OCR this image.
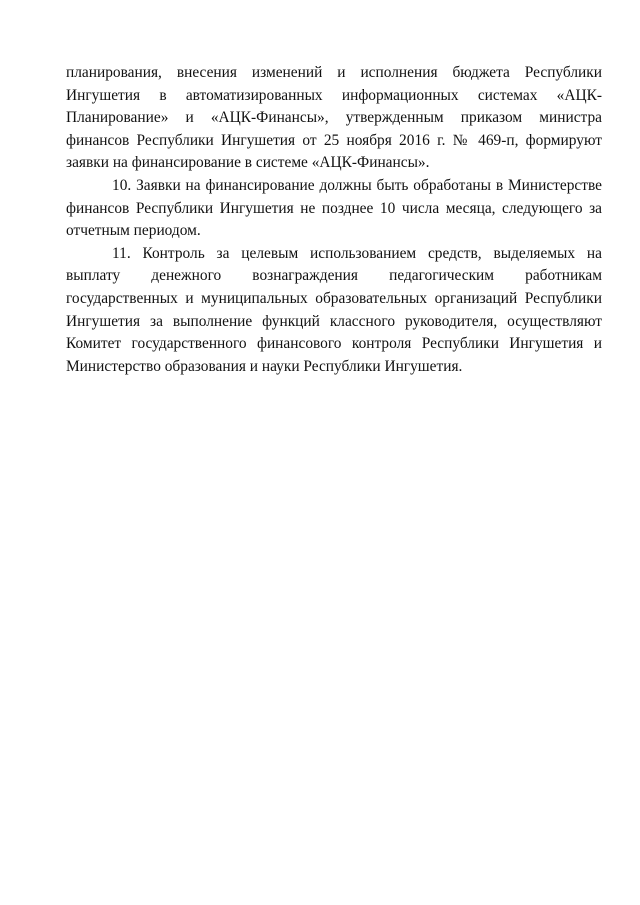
планирования, внесения изменений и исполнения бюджета Республики Ингушетия в автоматизированных информационных системах «АЦК-Планирование» и «АЦК-Финансы», утвержденным приказом министра финансов Республики Ингушетия от 25 ноября 2016 г. № 469-п, формируют заявки на финансирование в системе «АЦК-Финансы».

10. Заявки на финансирование должны быть обработаны в Министерстве финансов Республики Ингушетия не позднее 10 числа месяца, следующего за отчетным периодом.

11. Контроль за целевым использованием средств, выделяемых на выплату денежного вознаграждения педагогическим работникам государственных и муниципальных образовательных организаций Республики Ингушетия за выполнение функций классного руководителя, осуществляют Комитет государственного финансового контроля Республики Ингушетия и Министерство образования и науки Республики Ингушетия.
